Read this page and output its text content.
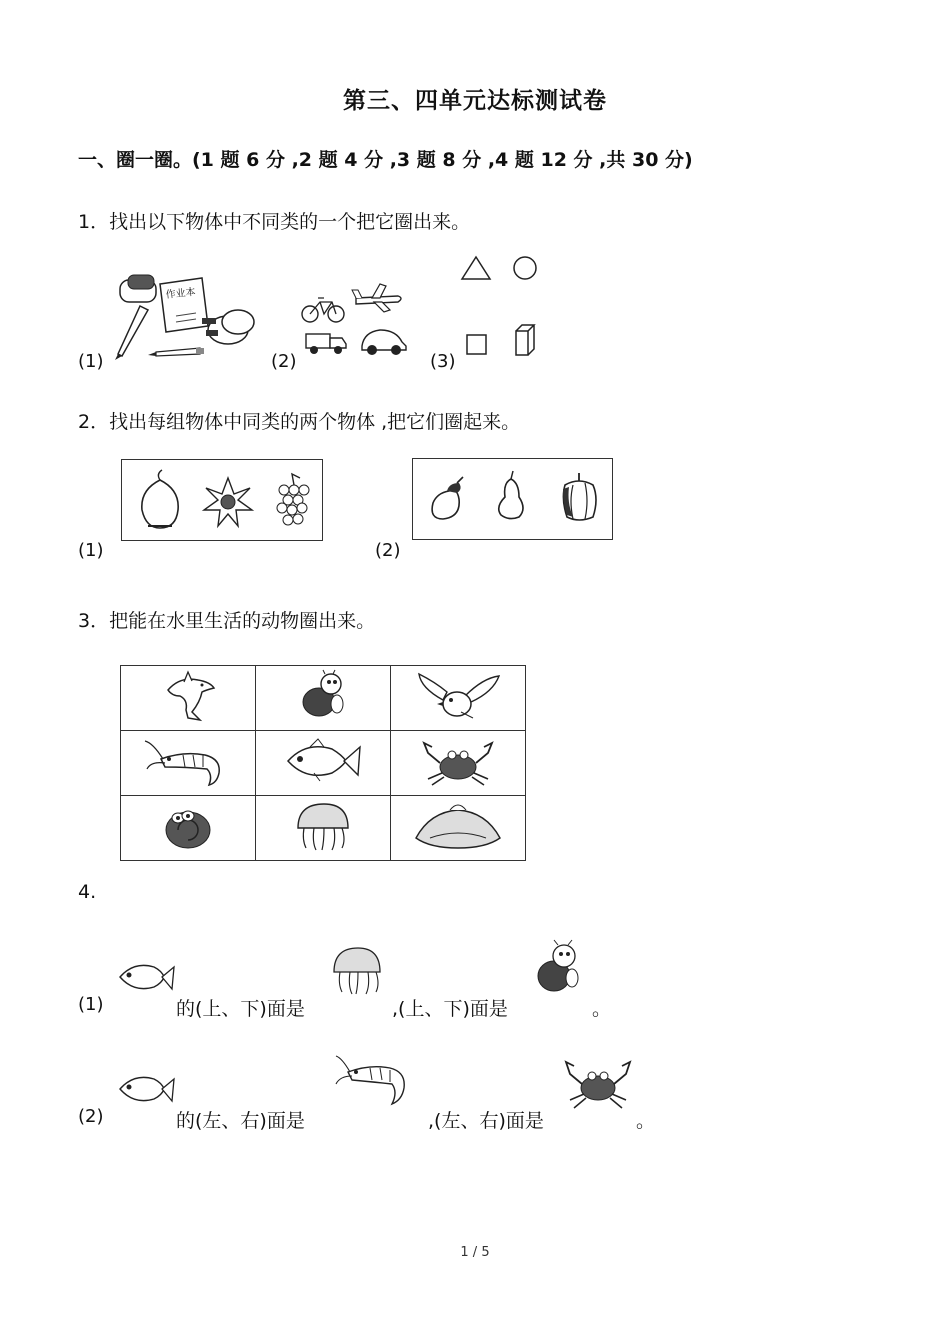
第三、四单元达标测试卷
一、圈一圈。(1 题 6 分 ,2 题 4 分 ,3 题 8 分 ,4 题 12 分 ,共 30 分)
1．找出以下物体中不同类的一个把它圈出来。
(1)	(2)	(3)
作业本
2．找出每组物体中同类的两个物体 ,把它们圈起来。
(1)	(2)
3．把能在水里生活的动物圈出来。

4.
(1)	的(上、下)面是	,(上、下)面是	。
(2)	的(左、右)面是	,(左、右)面是	。
1 / 5
